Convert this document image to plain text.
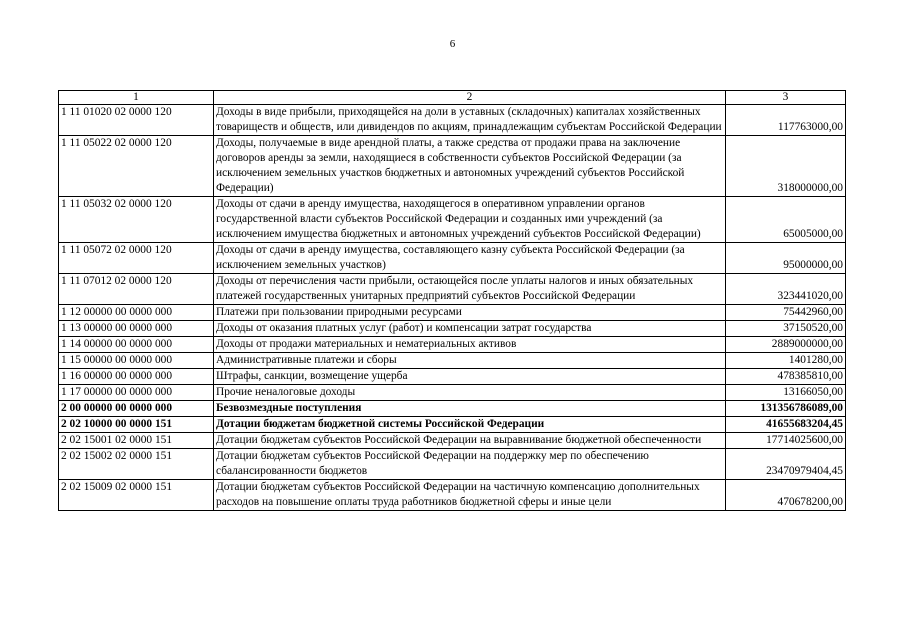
6
1	2	3
1 11 01020 02 0000 120	Доходы в виде прибыли, приходящейся на доли в уставных (складочных) капиталах хозяйственных товариществ и обществ, или дивидендов по акциям, принадлежащим субъектам Российской Федерации	117763000,00
1 11 05022 02 0000 120	Доходы, получаемые в виде арендной платы, а также средства от продажи права на заключение договоров аренды за земли, находящиеся в собственности субъектов Российской Федерации (за исключением земельных участков бюджетных и автономных учреждений субъектов Российской Федерации)	318000000,00
1 11 05032 02 0000 120	Доходы от сдачи в аренду имущества, находящегося в оперативном управлении органов государственной власти субъектов Российской Федерации и созданных ими учреждений (за исключением имущества бюджетных и автономных учреждений субъектов Российской Федерации)	65005000,00
1 11 05072 02 0000 120	Доходы от сдачи в аренду имущества, составляющего казну субъекта Российской Федерации (за исключением земельных участков)	95000000,00
1 11 07012 02 0000 120	Доходы от перечисления части прибыли, остающейся после уплаты налогов и иных обязательных платежей государственных унитарных предприятий субъектов Российской Федерации	323441020,00
1 12 00000 00 0000 000	Платежи при пользовании природными ресурсами	75442960,00
1 13 00000 00 0000 000	Доходы от оказания платных услуг (работ) и компенсации затрат государства	37150520,00
1 14 00000 00 0000 000	Доходы от продажи материальных и нематериальных активов	2889000000,00
1 15 00000 00 0000 000	Административные платежи и сборы	1401280,00
1 16 00000 00 0000 000	Штрафы, санкции, возмещение ущерба	478385810,00
1 17 00000 00 0000 000	Прочие неналоговые доходы	13166050,00
2 00 00000 00 0000 000	Безвозмездные поступления	131356786089,00
2 02 10000 00 0000 151	Дотации бюджетам бюджетной системы Российской Федерации	41655683204,45
2 02 15001 02 0000 151	Дотации бюджетам субъектов Российской Федерации на выравнивание бюджетной обеспеченности	17714025600,00
2 02 15002 02 0000 151	Дотации бюджетам субъектов Российской Федерации на поддержку мер по обеспечению сбалансированности бюджетов	23470979404,45
2 02 15009 02 0000 151	Дотации бюджетам субъектов Российской Федерации на частичную компенсацию дополнительных расходов на повышение оплаты труда работников бюджетной сферы и иные цели	470678200,00
